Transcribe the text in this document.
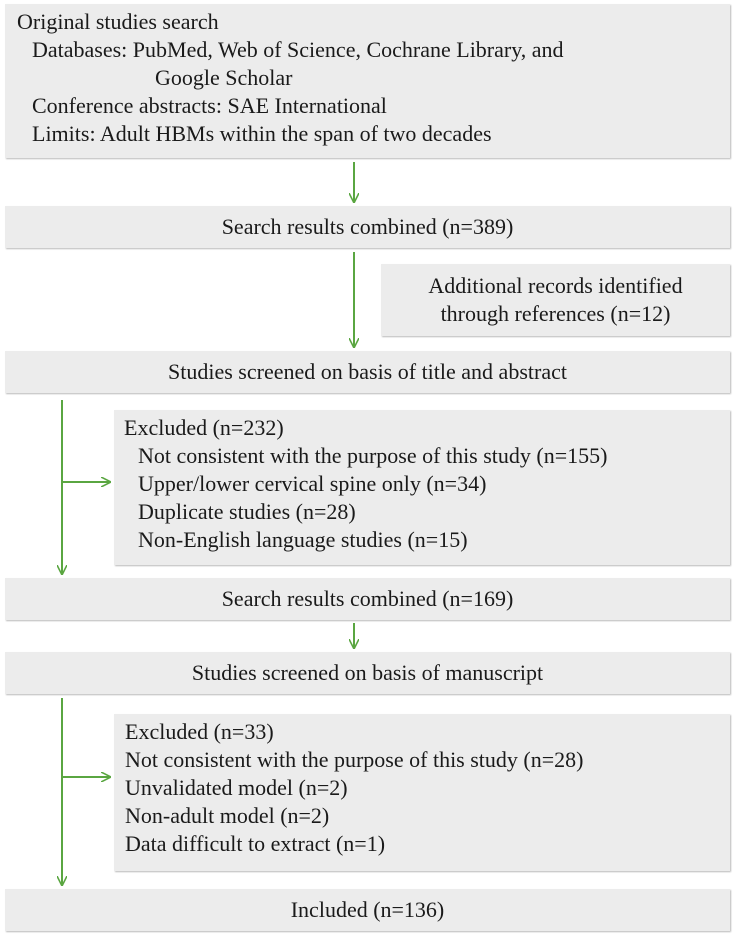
Original studies search
Databases: PubMed, Web of Science, Cochrane Library, and
Google Scholar
Conference abstracts: SAE International
Limits: Adult HBMs within the span of two decades
Search results combined (n=389)
Additional records identified
through references (n=12)
Studies screened on basis of title and abstract
Excluded (n=232)
Not consistent with the purpose of this study (n=155)
Upper/lower cervical spine only (n=34)
Duplicate studies (n=28)
Non-English language studies (n=15)
Search results combined (n=169)
Studies screened on basis of manuscript
Excluded (n=33)
Not consistent with the purpose of this study (n=28)
Unvalidated model (n=2)
Non-adult model (n=2)
Data difficult to extract (n=1)
Included (n=136)
